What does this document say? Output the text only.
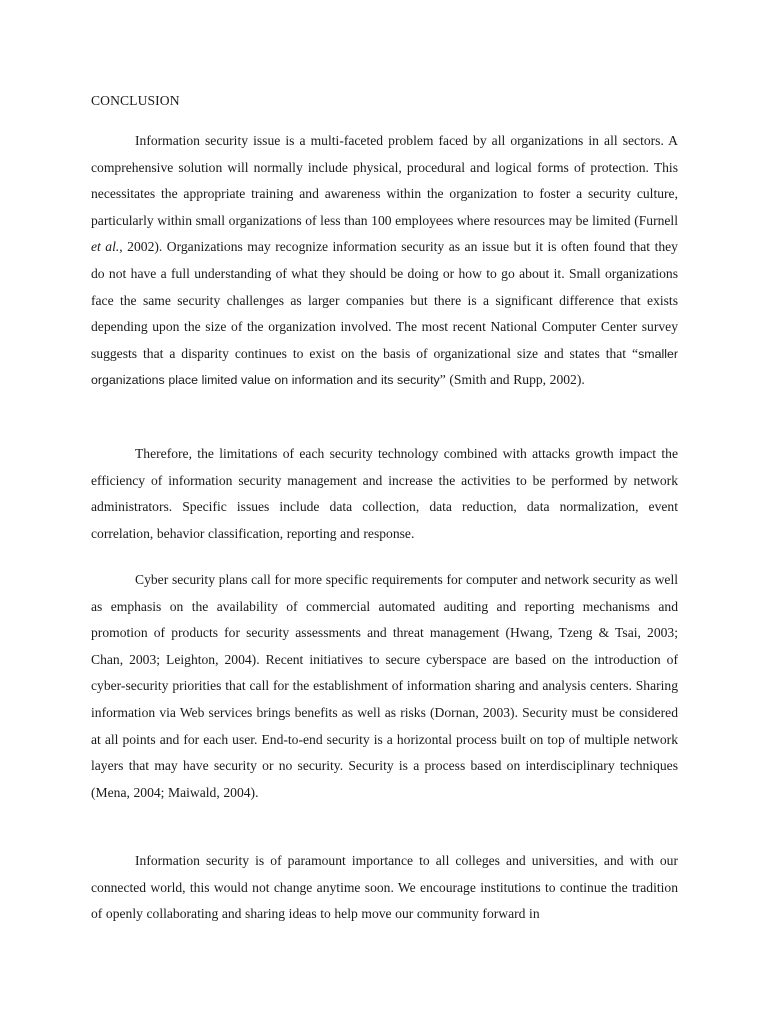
CONCLUSION

Information security issue is a multi-faceted problem faced by all organizations in all sectors. A comprehensive solution will normally include physical, procedural and logical forms of protection. This necessitates the appropriate training and awareness within the organization to foster a security culture, particularly within small organizations of less than 100 employees where resources may be limited (Furnell et al., 2002). Organizations may recognize information security as an issue but it is often found that they do not have a full understanding of what they should be doing or how to go about it. Small organizations face the same security challenges as larger companies but there is a significant difference that exists depending upon the size of the organization involved. The most recent National Computer Center survey suggests that a disparity continues to exist on the basis of organizational size and states that “smaller organizations place limited value on information and its security” (Smith and Rupp, 2002).

Therefore, the limitations of each security technology combined with attacks growth impact the efficiency of information security management and increase the activities to be performed by network administrators. Specific issues include data collection, data reduction, data normalization, event correlation, behavior classification, reporting and response.

Cyber security plans call for more specific requirements for computer and network security as well as emphasis on the availability of commercial automated auditing and reporting mechanisms and promotion of products for security assessments and threat management (Hwang, Tzeng & Tsai, 2003; Chan, 2003; Leighton, 2004). Recent initiatives to secure cyberspace are based on the introduction of cyber-security priorities that call for the establishment of information sharing and analysis centers. Sharing information via Web services brings benefits as well as risks (Dornan, 2003). Security must be considered at all points and for each user. End-to-end security is a horizontal process built on top of multiple network layers that may have security or no security. Security is a process based on interdisciplinary techniques (Mena, 2004; Maiwald, 2004).

Information security is of paramount importance to all colleges and universities, and with our connected world, this would not change anytime soon. We encourage institutions to continue the tradition of openly collaborating and sharing ideas to help move our community forward in
